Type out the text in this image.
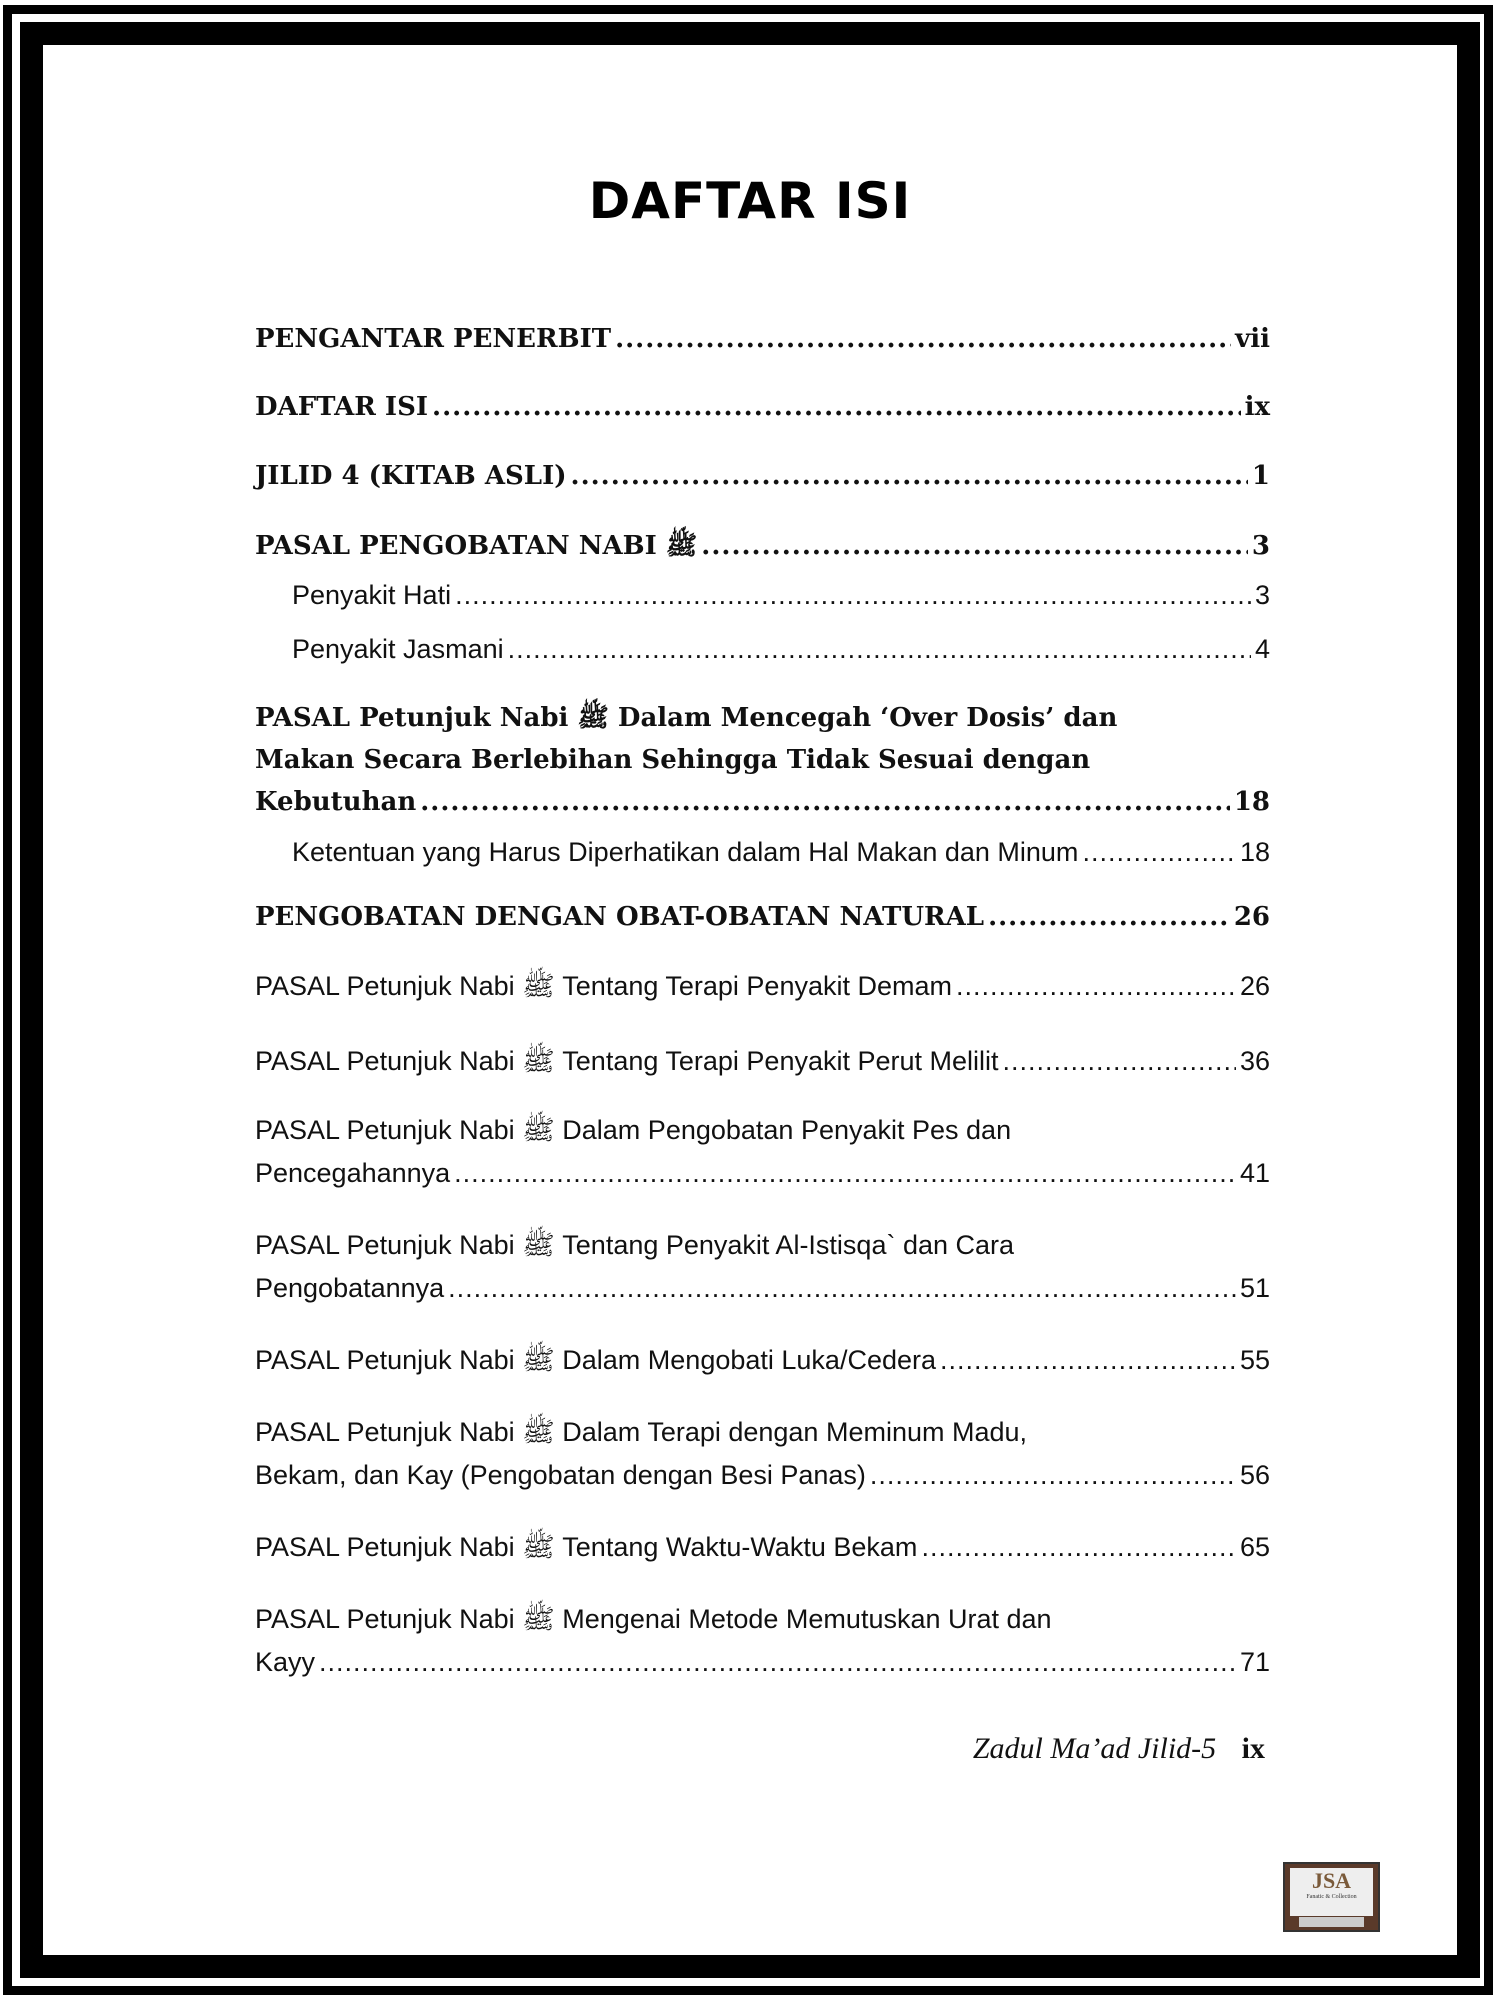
DAFTAR ISI
PENGANTAR PENERBIT .....	vii
DAFTAR ISI .....	ix
JILID 4 (KITAB ASLI) .....	1
PASAL PENGOBATAN NABI ﷺ .....	3
Penyakit Hati .....	3
Penyakit Jasmani .....	4
PASAL Petunjuk Nabi ﷺ Dalam Mencegah ‘Over Dosis’ dan
Makan Secara Berlebihan Sehingga Tidak Sesuai dengan
Kebutuhan .....	18
Ketentuan yang Harus Diperhatikan dalam Hal Makan dan Minum .....	18
PENGOBATAN DENGAN OBAT-OBATAN NATURAL .....	26
PASAL Petunjuk Nabi ﷺ Tentang Terapi Penyakit Demam .....	26
PASAL Petunjuk Nabi ﷺ Tentang Terapi Penyakit Perut Melilit .....	36
PASAL Petunjuk Nabi ﷺ Dalam Pengobatan Penyakit Pes dan
Pencegahannya .....	41
PASAL Petunjuk Nabi ﷺ Tentang Penyakit Al-Istisqa` dan Cara
Pengobatannya .....	51
PASAL Petunjuk Nabi ﷺ Dalam Mengobati Luka/Cedera .....	55
PASAL Petunjuk Nabi ﷺ Dalam Terapi dengan Meminum Madu,
Bekam, dan Kay (Pengobatan dengan Besi Panas) .....	56
PASAL Petunjuk Nabi ﷺ Tentang Waktu-Waktu Bekam .....	65
PASAL Petunjuk Nabi ﷺ Mengenai Metode Memutuskan Urat dan
Kayy .....	71
Zadul Ma’ad Jilid-5 ix
JSA
Fanatic & Collection
